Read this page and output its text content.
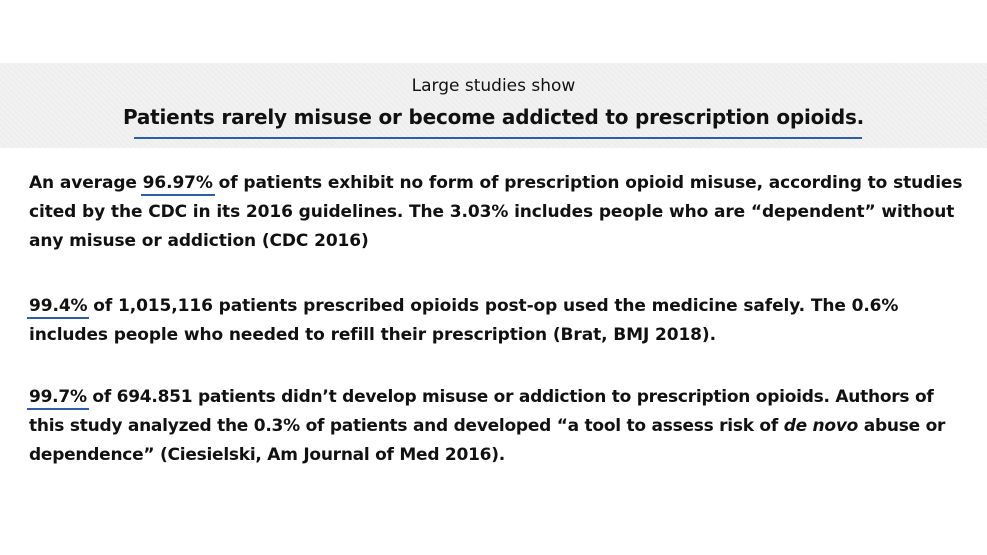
Large studies show
Patients rarely misuse or become addicted to prescription opioids.

An average 96.97% of patients exhibit no form of prescription opioid misuse, according to studies cited by the CDC in its 2016 guidelines. The 3.03% includes people who are “dependent” without any misuse or addiction (CDC 2016)

99.4% of 1,015,116 patients prescribed opioids post-op used the medicine safely. The 0.6% includes people who needed to refill their prescription (Brat, BMJ 2018).

99.7% of 694.851 patients didn’t develop misuse or addiction to prescription opioids. Authors of this study analyzed the 0.3% of patients and developed “a tool to assess risk of de novo abuse or dependence” (Ciesielski, Am Journal of Med 2016).
